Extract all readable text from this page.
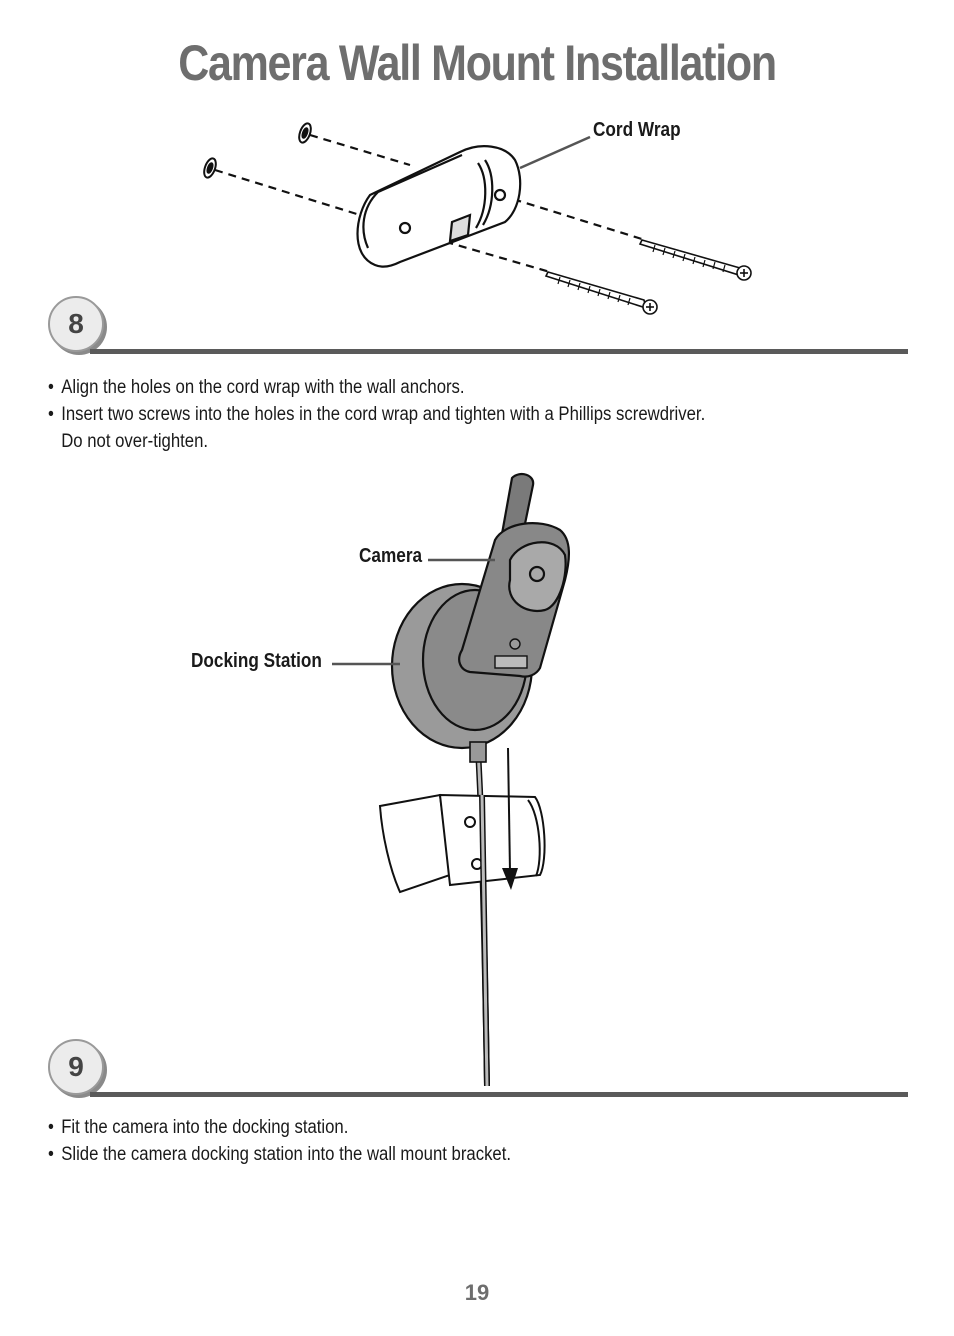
Camera Wall Mount Installation
Cord Wrap
8
• Align the holes on the cord wrap with the wall anchors.
• Insert two screws into the holes in the cord wrap and tighten with a Phillips screwdriver.
Do not over-tighten.
Camera
Docking Station
9
• Fit the camera into the docking station.
• Slide the camera docking station into the wall mount bracket.
19
